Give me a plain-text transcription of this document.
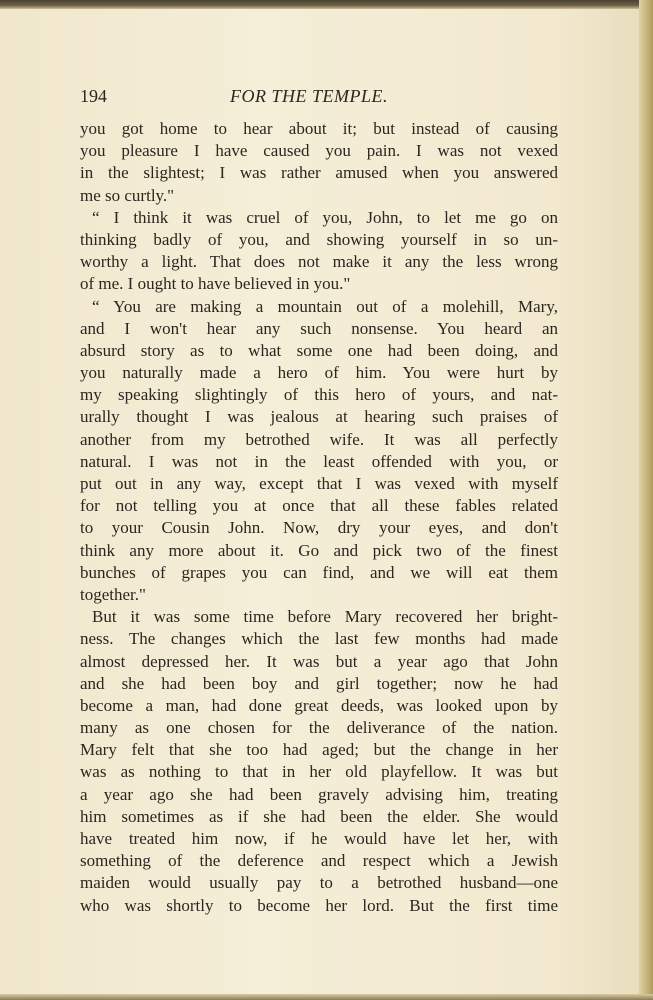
194	FOR THE TEMPLE.
you got home to hear about it; but instead of causing
you pleasure I have caused you pain. I was not vexed
in the slightest; I was rather amused when you answered
me so curtly."
“ I think it was cruel of you, John, to let me go on
thinking badly of you, and showing yourself in so un-
worthy a light. That does not make it any the less wrong
of me. I ought to have believed in you."
“ You are making a mountain out of a molehill, Mary,
and I won't hear any such nonsense. You heard an
absurd story as to what some one had been doing, and
you naturally made a hero of him. You were hurt by
my speaking slightingly of this hero of yours, and nat-
urally thought I was jealous at hearing such praises of
another from my betrothed wife. It was all perfectly
natural. I was not in the least offended with you, or
put out in any way, except that I was vexed with myself
for not telling you at once that all these fables related
to your Cousin John. Now, dry your eyes, and don't
think any more about it. Go and pick two of the finest
bunches of grapes you can find, and we will eat them
together."
But it was some time before Mary recovered her bright-
ness. The changes which the last few months had made
almost depressed her. It was but a year ago that John
and she had been boy and girl together; now he had
become a man, had done great deeds, was looked upon by
many as one chosen for the deliverance of the nation.
Mary felt that she too had aged; but the change in her
was as nothing to that in her old playfellow. It was but
a year ago she had been gravely advising him, treating
him sometimes as if she had been the elder. She would
have treated him now, if he would have let her, with
something of the deference and respect which a Jewish
maiden would usually pay to a betrothed husband—one
who was shortly to become her lord. But the first time
